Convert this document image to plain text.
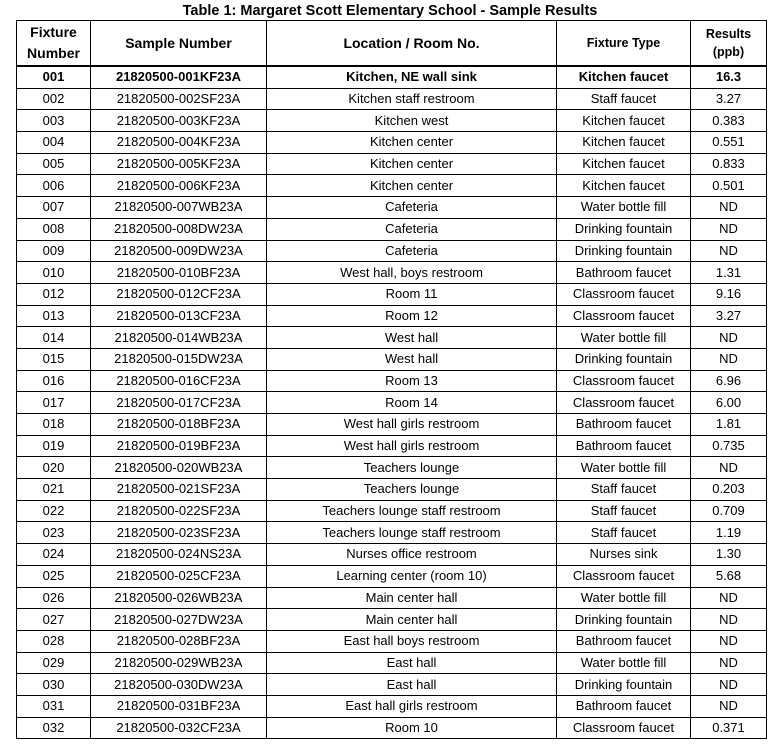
Table 1: Margaret Scott Elementary School - Sample Results
Fixture
Number	Sample Number	Location / Room No.	Fixture Type	Results
(ppb)
001	21820500-001KF23A	Kitchen, NE wall sink	Kitchen faucet	16.3
002	21820500-002SF23A	Kitchen staff restroom	Staff faucet	3.27
003	21820500-003KF23A	Kitchen west	Kitchen faucet	0.383
004	21820500-004KF23A	Kitchen center	Kitchen faucet	0.551
005	21820500-005KF23A	Kitchen center	Kitchen faucet	0.833
006	21820500-006KF23A	Kitchen center	Kitchen faucet	0.501
007	21820500-007WB23A	Cafeteria	Water bottle fill	ND
008	21820500-008DW23A	Cafeteria	Drinking fountain	ND
009	21820500-009DW23A	Cafeteria	Drinking fountain	ND
010	21820500-010BF23A	West hall, boys restroom	Bathroom faucet	1.31
012	21820500-012CF23A	Room 11	Classroom faucet	9.16
013	21820500-013CF23A	Room 12	Classroom faucet	3.27
014	21820500-014WB23A	West hall	Water bottle fill	ND
015	21820500-015DW23A	West hall	Drinking fountain	ND
016	21820500-016CF23A	Room 13	Classroom faucet	6.96
017	21820500-017CF23A	Room 14	Classroom faucet	6.00
018	21820500-018BF23A	West hall girls restroom	Bathroom faucet	1.81
019	21820500-019BF23A	West hall girls restroom	Bathroom faucet	0.735
020	21820500-020WB23A	Teachers lounge	Water bottle fill	ND
021	21820500-021SF23A	Teachers lounge	Staff faucet	0.203
022	21820500-022SF23A	Teachers lounge staff restroom	Staff faucet	0.709
023	21820500-023SF23A	Teachers lounge staff restroom	Staff faucet	1.19
024	21820500-024NS23A	Nurses office restroom	Nurses sink	1.30
025	21820500-025CF23A	Learning center (room 10)	Classroom faucet	5.68
026	21820500-026WB23A	Main center hall	Water bottle fill	ND
027	21820500-027DW23A	Main center hall	Drinking fountain	ND
028	21820500-028BF23A	East hall boys restroom	Bathroom faucet	ND
029	21820500-029WB23A	East hall	Water bottle fill	ND
030	21820500-030DW23A	East hall	Drinking fountain	ND
031	21820500-031BF23A	East hall girls restroom	Bathroom faucet	ND
032	21820500-032CF23A	Room 10	Classroom faucet	0.371
